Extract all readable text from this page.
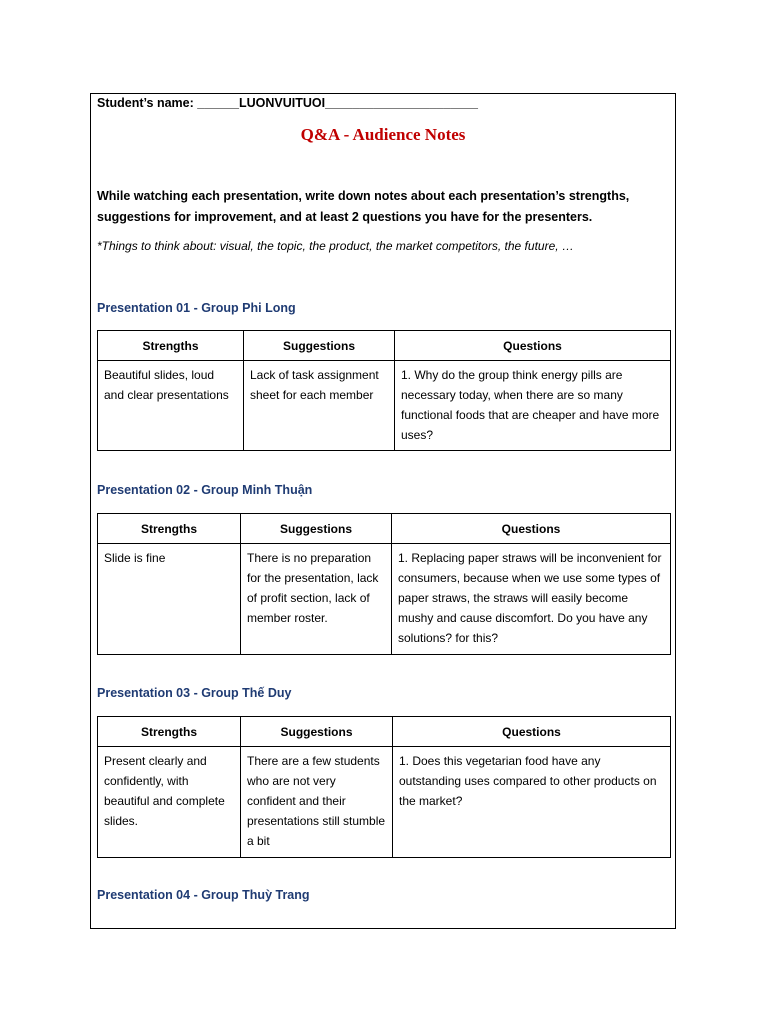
Student’s name: ______LUONVUITUOI______________________
Q&A - Audience Notes
While watching each presentation, write down notes about each presentation’s strengths, suggestions for improvement, and at least 2 questions you have for the presenters.
*Things to think about: visual, the topic, the product, the market competitors, the future, …
Presentation 01 - Group Phi Long
Strengths	Suggestions	Questions
Beautiful slides, loud and clear presentations	Lack of task assignment sheet for each member	1. Why do the group think energy pills are necessary today, when there are so many functional foods that are cheaper and have more uses?
Presentation 02 - Group Minh Thuận
Strengths	Suggestions	Questions
Slide is fine	There is no preparation for the presentation, lack of profit section, lack of member roster.	1. Replacing paper straws will be inconvenient for consumers, because when we use some types of paper straws, the straws will easily become mushy and cause discomfort. Do you have any solutions? for this?
Presentation 03 - Group Thế Duy
Strengths	Suggestions	Questions
Present clearly and confidently, with beautiful and complete slides.	There are a few students who are not very confident and their presentations still stumble a bit	1. Does this vegetarian food have any outstanding uses compared to other products on the market?
Presentation 04 - Group Thuỳ Trang
